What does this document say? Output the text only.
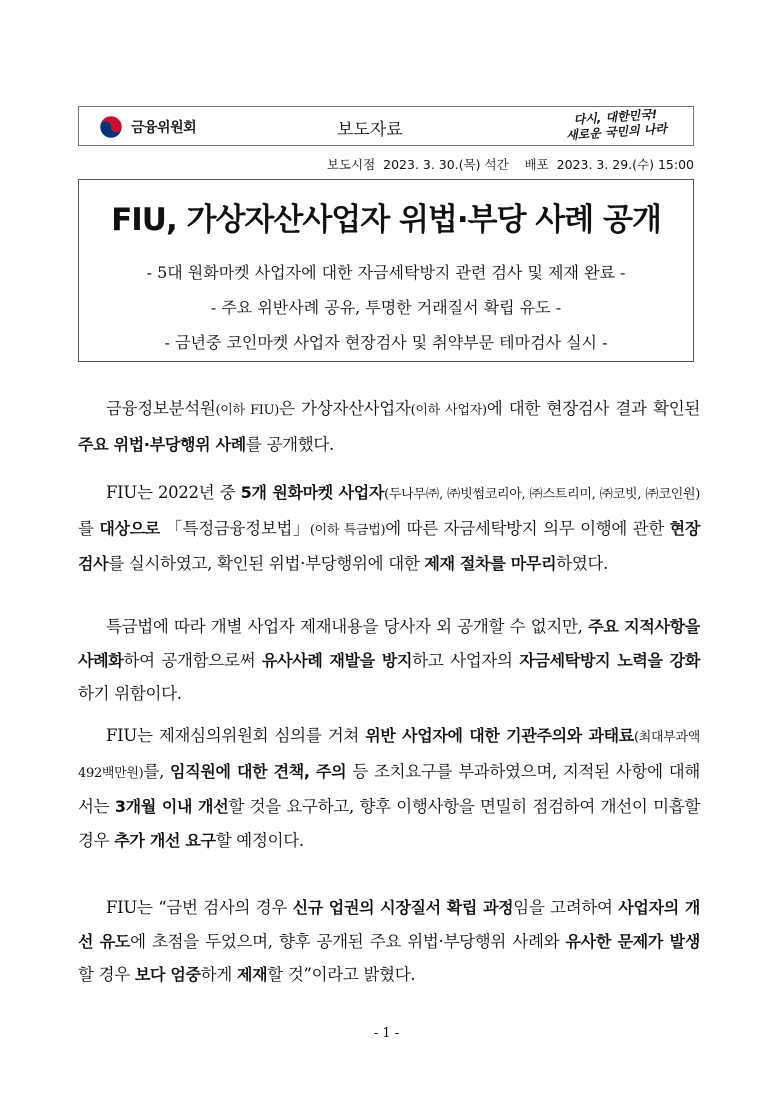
금융위원회	보도자료
다시, 대한민국!
새로운 국민의 나라
보도시점  2023. 3. 30.(목) 석간    배포  2023. 3. 29.(수) 15:00
FIU, 가상자산사업자 위법·부당 사례 공개
- 5대 원화마켓 사업자에 대한 자금세탁방지 관련 검사 및 제재 완료 -
- 주요 위반사례 공유, 투명한 거래질서 확립 유도 -
- 금년중 코인마켓 사업자 현장검사 및 취약부문 테마검사 실시 -

금융정보분석원(이하 FIU)은 가상자산사업자(이하 사업자)에 대한 현장검사 결과 확인된 주요 위법·부당행위 사례를 공개했다.

FIU는 2022년 중 5개 원화마켓 사업자(두나무㈜, ㈜빗썸코리아, ㈜스트리미, ㈜코빗, ㈜코인원)를 대상으로 「특정금융정보법」(이하 특금법)에 따른 자금세탁방지 의무 이행에 관한 현장 검사를 실시하였고, 확인된 위법·부당행위에 대한 제재 절차를 마무리하였다.

특금법에 따라 개별 사업자 제재내용을 당사자 외 공개할 수 없지만, 주요 지적사항을 사례화하여 공개함으로써 유사사례 재발을 방지하고 사업자의 자금세탁방지 노력을 강화하기 위함이다.

FIU는 제재심의위원회 심의를 거쳐 위반 사업자에 대한 기관주의와 과태료(최대부과액 492백만원)를, 임직원에 대한 견책, 주의 등 조치요구를 부과하였으며, 지적된 사항에 대해서는 3개월 이내 개선할 것을 요구하고, 향후 이행사항을 면밀히 점검하여 개선이 미흡할 경우 추가 개선 요구할 예정이다.

FIU는 “금번 검사의 경우 신규 업권의 시장질서 확립 과정임을 고려하여 사업자의 개선 유도에 초점을 두었으며, 향후 공개된 주요 위법·부당행위 사례와 유사한 문제가 발생할 경우 보다 엄중하게 제재할 것”이라고 밝혔다.

- 1 -
